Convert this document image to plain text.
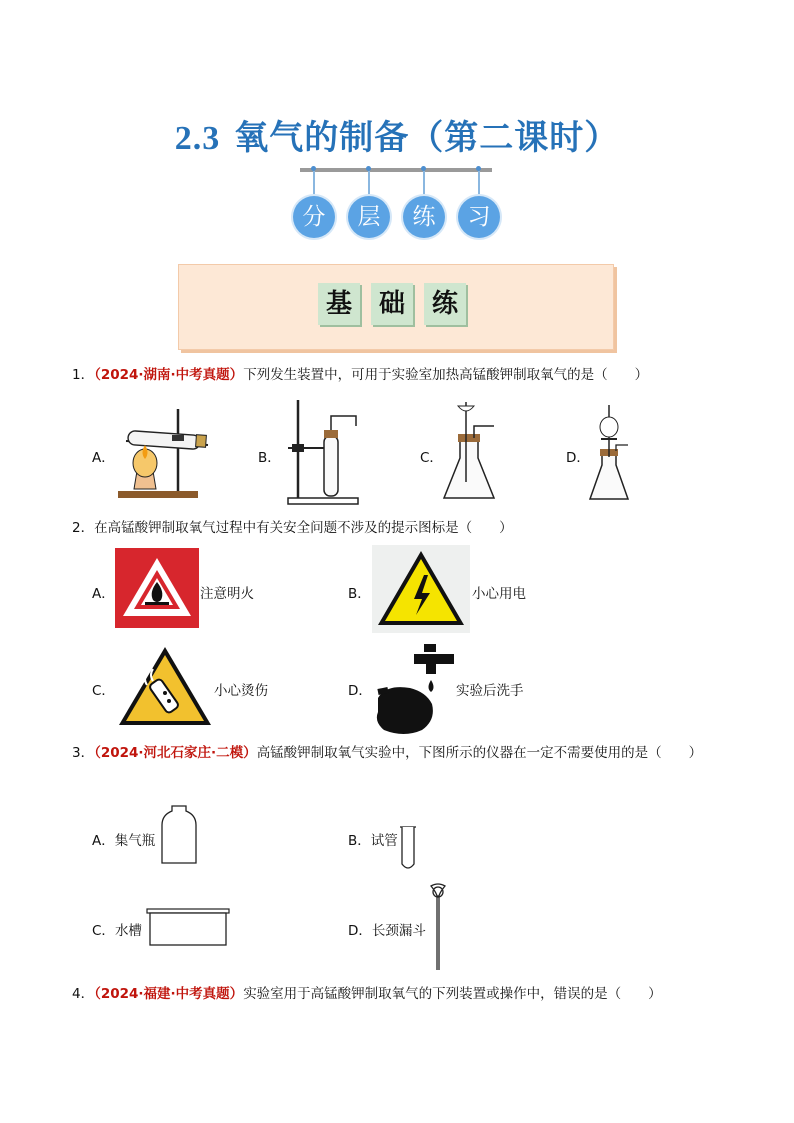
2.3 氧气的制备（第二课时）
分	层	练	习
基	础	练
1．（2024·湖南·中考真题）下列发生装置中，可用于实验室加热高锰酸钾制取氧气的是（　　）
A．	B．	C．	D．
2．在高锰酸钾制取氧气过程中有关安全问题不涉及的提示图标是（　　）
A．	注意明火	B．	小心用电
C．	小心烫伤	D．	实验后洗手
3．（2024·河北石家庄·二模）高锰酸钾制取氧气实验中，下图所示的仪器在一定不需要使用的是（　　）
A．集气瓶	B．试管
C．水槽	D．长颈漏斗
4．（2024·福建·中考真题）实验室用于高锰酸钾制取氧气的下列装置或操作中，错误的是（　　）
